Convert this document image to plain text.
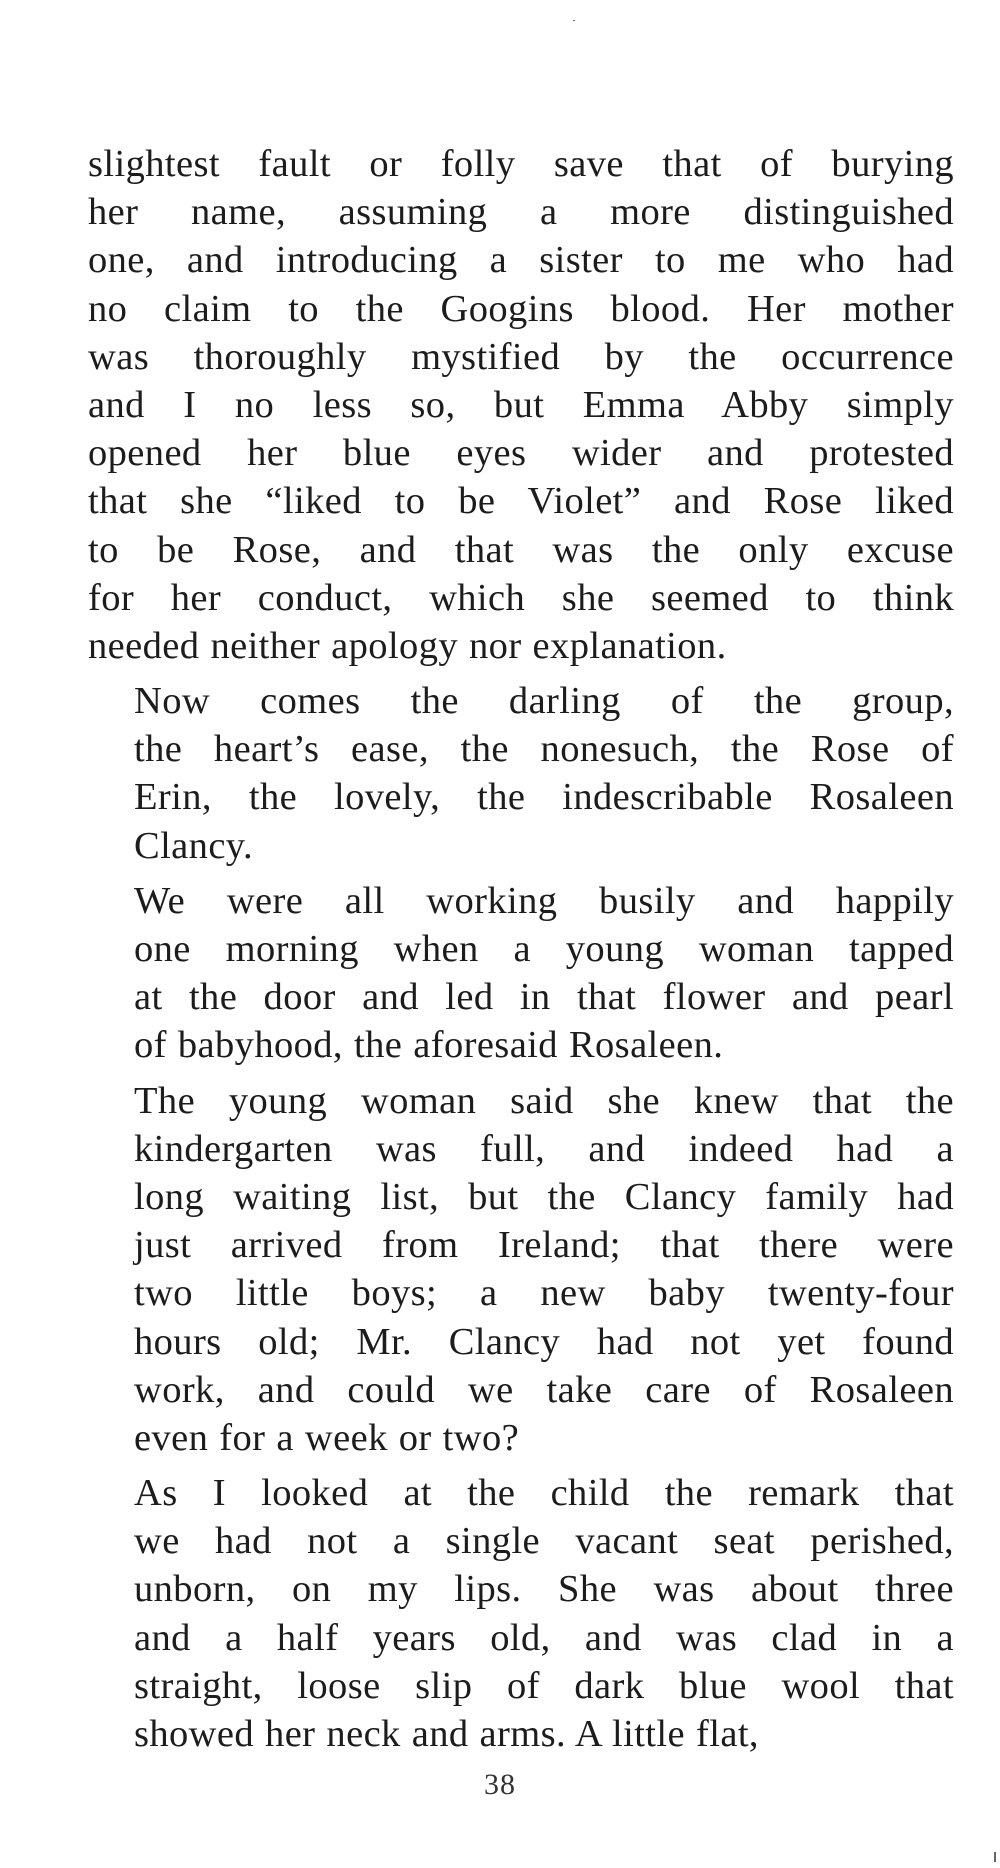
slightest fault or folly save that of burying
her name, assuming a more distinguished
one, and introducing a sister to me who had
no claim to the Googins blood. Her mother
was thoroughly mystified by the occurrence
and I no less so, but Emma Abby simply
opened her blue eyes wider and protested
that she “liked to be Violet” and Rose liked
to be Rose, and that was the only excuse
for her conduct, which she seemed to think
needed neither apology nor explanation.
Now comes the darling of the group,
the heart’s ease, the nonesuch, the Rose of
Erin, the lovely, the indescribable Rosaleen
Clancy.
We were all working busily and happily
one morning when a young woman tapped
at the door and led in that flower and pearl
of babyhood, the aforesaid Rosaleen.
The young woman said she knew that the
kindergarten was full, and indeed had a
long waiting list, but the Clancy family had
just arrived from Ireland; that there were
two little boys; a new baby twenty-four
hours old; Mr. Clancy had not yet found
work, and could we take care of Rosaleen
even for a week or two?
As I looked at the child the remark that
we had not a single vacant seat perished,
unborn, on my lips. She was about three
and a half years old, and was clad in a
straight, loose slip of dark blue wool that
showed her neck and arms. A little flat,
38
